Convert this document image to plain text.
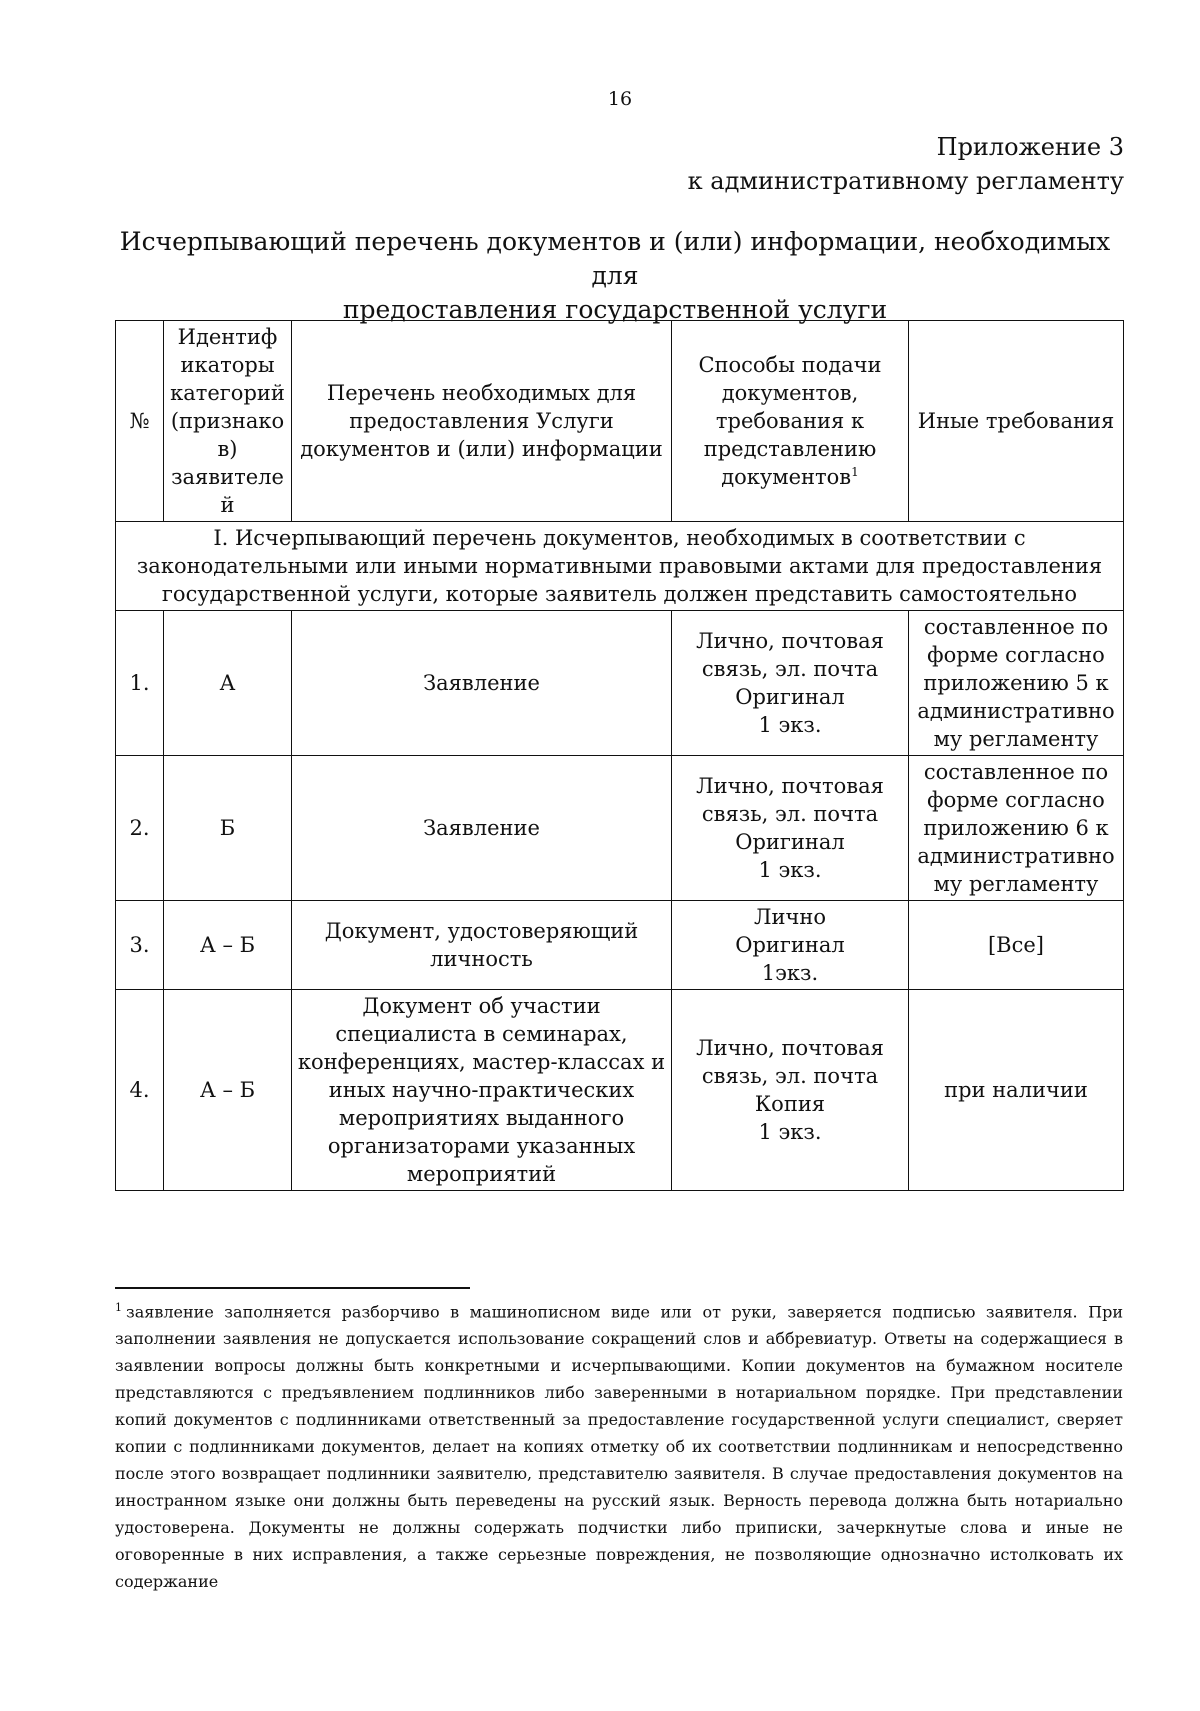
16
Приложение 3
к административному регламенту
Исчерпывающий перечень документов и (или) информации, необходимых для
предоставления государственной услуги
№	Идентиф икаторы категорий (признако в) заявителе й	Перечень необходимых для предоставления Услуги документов и (или) информации	Способы подачи документов, требования к представлению документов$^1$	Иные требования
I. Исчерпывающий перечень документов, необходимых в соответствии с законодательными или иными нормативными правовыми актами для предоставления государственной услуги, которые заявитель должен представить самостоятельно				
1.	А	Заявление	Лично, почтовая
связь, эл. почта
Оригинал
1 экз.	составленное по форме согласно приложению 5 к административно му регламенту
2.	Б	Заявление	Лично, почтовая
связь, эл. почта
Оригинал
1 экз.	составленное по форме согласно приложению 6 к административно му регламенту
3.	А – Б	Документ, удостоверяющий личность	Лично
Оригинал
1экз.	[Все]
4.	А – Б	Документ об участии специалиста в семинарах, конференциях, мастер-классах и иных научно-практических мероприятиях выданного организаторами указанных мероприятий	Лично, почтовая
связь, эл. почта
Копия
1 экз.	при наличии
$^1$ заявление заполняется разборчиво в машинописном виде или от руки, заверяется подписью заявителя. При заполнении заявления не допускается использование сокращений слов и аббревиатур. Ответы на содержащиеся в заявлении вопросы должны быть конкретными и исчерпывающими. Копии документов на бумажном носителе представляются с предъявлением подлинников либо заверенными в нотариальном порядке. При представлении копий документов с подлинниками ответственный за предоставление государственной услуги специалист, сверяет копии с подлинниками документов, делает на копиях отметку об их соответствии подлинникам и непосредственно после этого возвращает подлинники заявителю, представителю заявителя. В случае предоставления документов на иностранном языке они должны быть переведены на русский язык. Верность перевода должна быть нотариально удостоверена. Документы не должны содержать подчистки либо приписки, зачеркнутые слова и иные не оговоренные в них исправления, а также серьезные повреждения, не позволяющие однозначно истолковать их содержание
